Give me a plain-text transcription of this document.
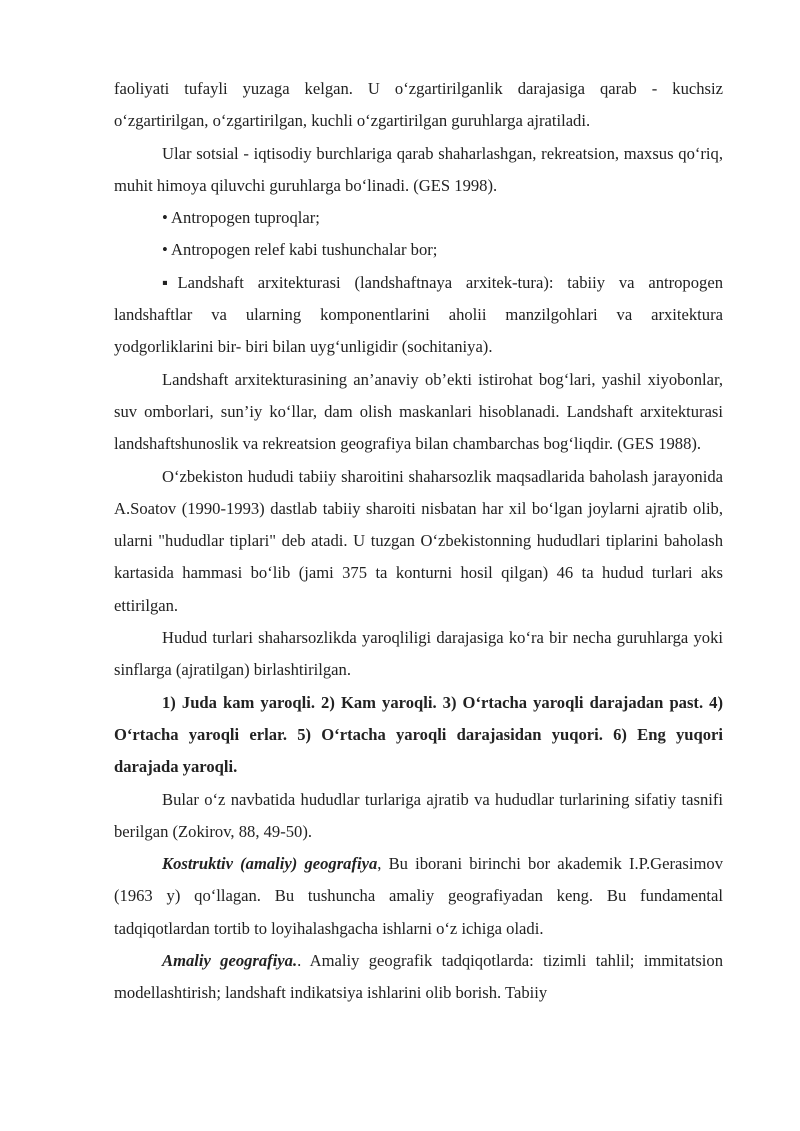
faoliyati tufayli yuzaga kelgan. U o‘zgartirilganlik darajasiga qarab - kuchsiz o‘zgartirilgan, o‘zgartirilgan, kuchli o‘zgartirilgan guruhlarga ajratiladi.

Ular sotsial - iqtisodiy burchlariga qarab shaharlashgan, rekreatsion, maxsus qo‘riq, muhit himoya qiluvchi guruhlarga bo‘linadi. (GES 1998).

• Antropogen tuproqlar;

• Antropogen relef kabi tushunchalar bor;

▪Landshaft arxitekturasi (landshaftnaya arxitek-tura): tabiiy va antropogen landshaftlar va ularning komponentlarini aholii manzilgohlari va arxitektura yodgorliklarini bir- biri bilan uyg‘unligidir (sochitaniya).

Landshaft arxitekturasining an’anaviy ob’ekti istirohat bog‘lari, yashil xiyobonlar, suv omborlari, sun’iy ko‘llar, dam olish maskanlari hisoblanadi. Landshaft arxitekturasi landshaftshunoslik va rekreatsion geografiya bilan chambarchas bog‘liqdir. (GES 1988).

O‘zbekiston hududi tabiiy sharoitini shaharsozlik maqsadlarida baholash jarayonida A.Soatov (1990-1993) dastlab tabiiy sharoiti nisbatan har xil bo‘lgan joylarni ajratib olib, ularni "hududlar tiplari" deb atadi. U tuzgan O‘zbekistonning hududlari tiplarini baholash kartasida hammasi bo‘lib (jami 375 ta konturni hosil qilgan) 46 ta hudud turlari aks ettirilgan.

Hudud turlari shaharsozlikda yaroqliligi darajasiga ko‘ra bir necha guruhlarga yoki sinflarga (ajratilgan) birlashtirilgan.

1) Juda kam yaroqli. 2) Kam yaroqli. 3) O‘rtacha yaroqli darajadan past. 4) O‘rtacha yaroqli erlar. 5) O‘rtacha yaroqli darajasidan yuqori. 6) Eng yuqori darajada yaroqli.

Bular o‘z navbatida hududlar turlariga ajratib va hududlar turlarining sifatiy tasnifi berilgan (Zokirov, 88, 49-50).

Kostruktiv (amaliy) geografiya, Bu iborani birinchi bor akademik I.P.Gerasimov (1963 y) qo‘llagan. Bu tushuncha amaliy geografiyadan keng. Bu fundamental tadqiqotlardan tortib to loyihalashgacha ishlarni o‘z ichiga oladi.

Amaliy geografiya.. Amaliy geografik tadqiqotlarda: tizimli tahlil; immitatsion modellashtirish; landshaft indikatsiya ishlarini olib borish. Tabiiy
